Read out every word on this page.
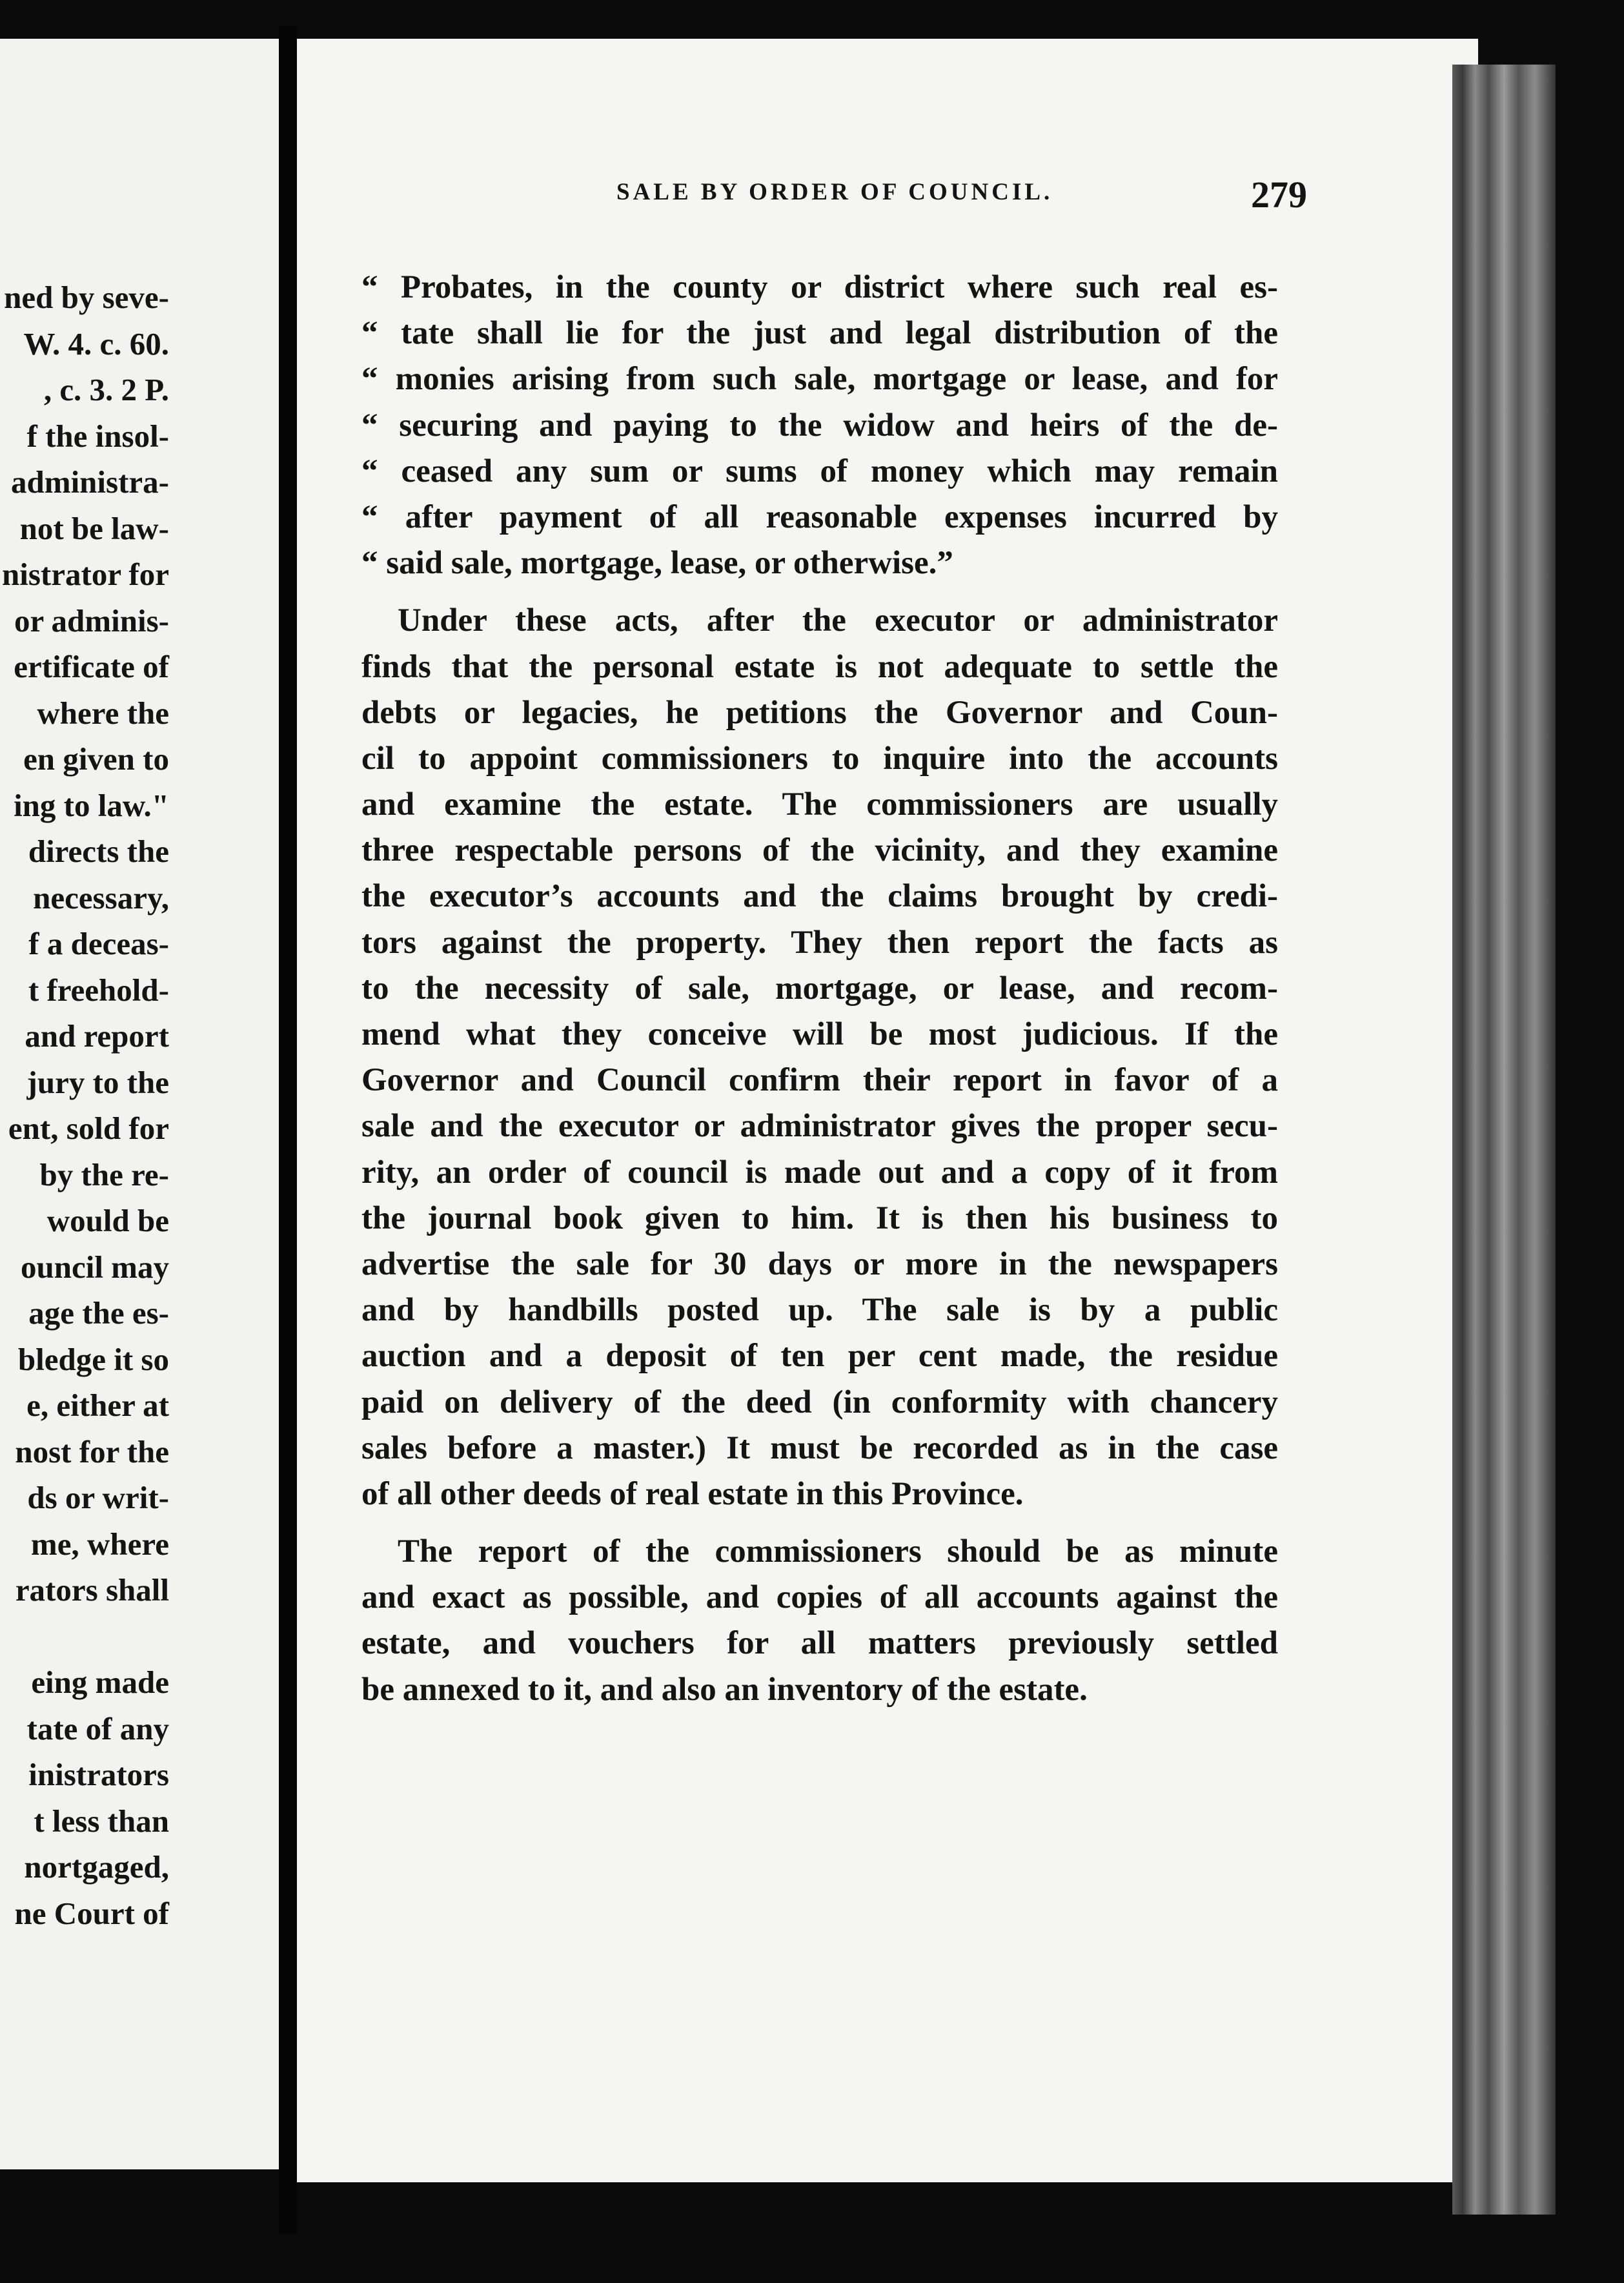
ned by seve-
W. 4. c. 60.
, c. 3. 2 P.
f the insol-
administra-
not be law-
nistrator for
or adminis-
ertificate of
where the
en given to
ing to law."
directs the
necessary,
f a deceas-
t freehold-
and report
jury to the
ent, sold for
by the re-
would be
ouncil may
age the es-
bledge it so
e, either at
nost for the
ds or writ-
me, where
rators shall
eing made
tate of any
inistrators
t less than
nortgaged,
ne Court of
“ Probates, in the county or district where such real es-
“ tate shall lie for the just and legal distribution of the
“ monies arising from such sale, mortgage or lease, and for
“ securing and paying to the widow and heirs of the de-
“ ceased any sum or sums of money which may remain
“ after payment of all reasonable expenses incurred by
“ said sale, mortgage, lease, or otherwise.”
Under these acts, after the executor or administrator
finds that the personal estate is not adequate to settle the
debts or legacies, he petitions the Governor and Coun-
cil to appoint commissioners to inquire into the accounts
and examine the estate. The commissioners are usually
three respectable persons of the vicinity, and they examine
the executor’s accounts and the claims brought by credi-
tors against the property. They then report the facts as
to the necessity of sale, mortgage, or lease, and recom-
mend what they conceive will be most judicious. If the
Governor and Council confirm their report in favor of a
sale and the executor or administrator gives the proper secu-
rity, an order of council is made out and a copy of it from
the journal book given to him. It is then his business to
advertise the sale for 30 days or more in the newspapers
and by handbills posted up. The sale is by a public
auction and a deposit of ten per cent made, the residue
paid on delivery of the deed (in conformity with chancery
sales before a master.) It must be recorded as in the case
of all other deeds of real estate in this Province.
The report of the commissioners should be as minute
and exact as possible, and copies of all accounts against the
estate, and vouchers for all matters previously settled
be annexed to it, and also an inventory of the estate.
SALE BY ORDER OF COUNCIL.	279
